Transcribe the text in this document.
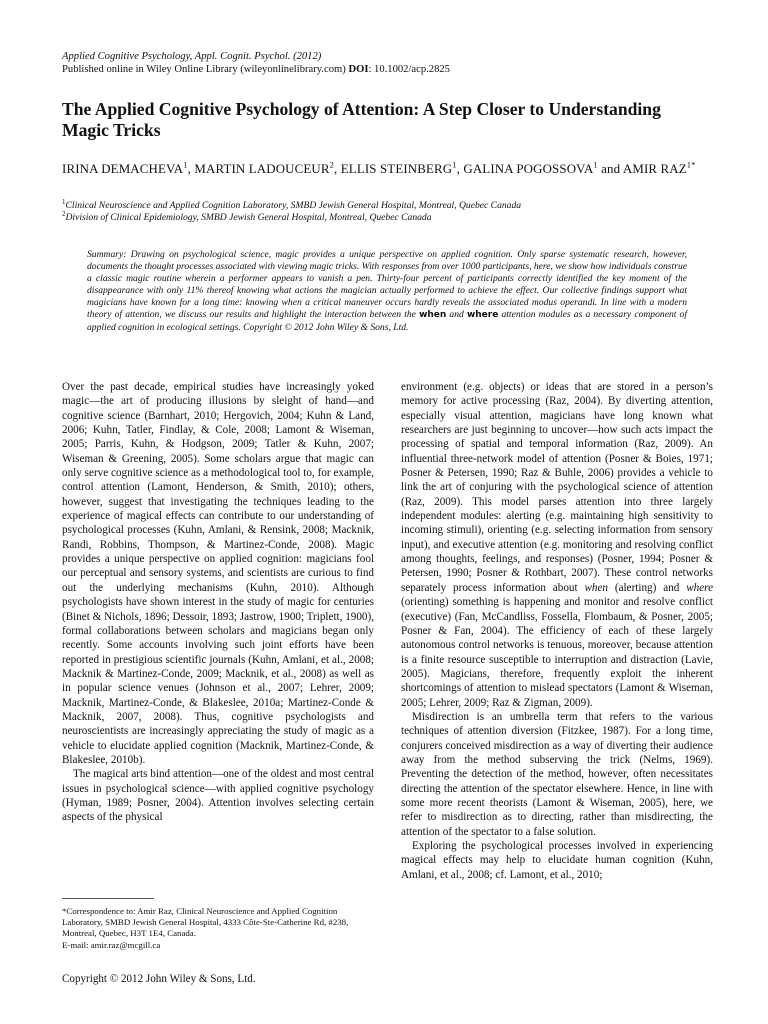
Applied Cognitive Psychology, Appl. Cognit. Psychol. (2012)
Published online in Wiley Online Library (wileyonlinelibrary.com) DOI: 10.1002/acp.2825
The Applied Cognitive Psychology of Attention: A Step Closer to Understanding Magic Tricks
IRINA DEMACHEVA$^1$, MARTIN LADOUCEUR$^2$, ELLIS STEINBERG$^1$, GALINA POGOSSOVA$^1$ and AMIR $RAZ^{1*}$
$^1$Clinical Neuroscience and Applied Cognition Laboratory, SMBD Jewish General Hospital, Montreal, Quebec Canada
$^2$Division of Clinical Epidemiology, SMBD Jewish General Hospital, Montreal, Quebec Canada

Summary: Drawing on psychological science, magic provides a unique perspective on applied cognition. Only sparse systematic research, however, documents the thought processes associated with viewing magic tricks. With responses from over 1000 participants, here, we show how individuals construe a classic magic routine wherein a performer appears to vanish a pen. Thirty-four percent of participants correctly identified the key moment of the disappearance with only 11% thereof knowing what actions the magician actually performed to achieve the effect. Our collective findings support what magicians have known for a long time: knowing when a critical maneuver occurs hardly reveals the associated modus operandi. In line with a modern theory of attention, we discuss our results and highlight the interaction between the when and where attention modules as a necessary component of applied cognition in ecological settings. Copyright © 2012 John Wiley & Sons, Ltd.

Over the past decade, empirical studies have increasingly yoked magic—the art of producing illusions by sleight of hand—and cognitive science (Barnhart, 2010; Hergovich, 2004; Kuhn & Land, 2006; Kuhn, Tatler, Findlay, & Cole, 2008; Lamont & Wiseman, 2005; Parris, Kuhn, & Hodgson, 2009; Tatler & Kuhn, 2007; Wiseman & Greening, 2005). Some scholars argue that magic can only serve cognitive science as a methodological tool to, for example, control attention (Lamont, Henderson, & Smith, 2010); others, however, suggest that investigating the techniques leading to the experience of magical effects can contribute to our understanding of psychological processes (Kuhn, Amlani, & Rensink, 2008; Macknik, Randi, Robbins, Thompson, & Martinez-Conde, 2008). Magic provides a unique perspective on applied cognition: magicians fool our perceptual and sensory systems, and scientists are curious to find out the underlying mechanisms (Kuhn, 2010). Although psychologists have shown interest in the study of magic for centuries (Binet & Nichols, 1896; Dessoir, 1893; Jastrow, 1900; Triplett, 1900), formal collaborations between scholars and magicians began only recently. Some accounts involving such joint efforts have been reported in prestigious scientific journals (Kuhn, Amlani, et al., 2008; Macknik & Martinez-Conde, 2009; Macknik, et al., 2008) as well as in popular science venues (Johnson et al., 2007; Lehrer, 2009; Macknik, Martinez-Conde, & Blakeslee, 2010a; Martinez-Conde & Macknik, 2007, 2008). Thus, cognitive psychologists and neuroscientists are increasingly appreciating the study of magic as a vehicle to elucidate applied cognition (Macknik, Martinez-Conde, & Blakeslee, 2010b).

The magical arts bind attention—one of the oldest and most central issues in psychological science—with applied cognitive psychology (Hyman, 1989; Posner, 2004). Attention involves selecting certain aspects of the physical

environment (e.g. objects) or ideas that are stored in a person’s memory for active processing (Raz, 2004). By diverting attention, especially visual attention, magicians have long known what researchers are just beginning to uncover—how such acts impact the processing of spatial and temporal information (Raz, 2009). An influential three-network model of attention (Posner & Boies, 1971; Posner & Petersen, 1990; Raz & Buhle, 2006) provides a vehicle to link the art of conjuring with the psychological science of attention (Raz, 2009). This model parses attention into three largely independent modules: alerting (e.g. maintaining high sensitivity to incoming stimuli), orienting (e.g. selecting information from sensory input), and executive attention (e.g. monitoring and resolving conflict among thoughts, feelings, and responses) (Posner, 1994; Posner & Petersen, 1990; Posner & Rothbart, 2007). These control networks separately process information about when (alerting) and where (orienting) something is happening and monitor and resolve conflict (executive) (Fan, McCandliss, Fossella, Flombaum, & Posner, 2005; Posner & Fan, 2004). The efficiency of each of these largely autonomous control networks is tenuous, moreover, because attention is a finite resource susceptible to interruption and distraction (Lavie, 2005). Magicians, therefore, frequently exploit the inherent shortcomings of attention to mislead spectators (Lamont & Wiseman, 2005; Lehrer, 2009; Raz & Zigman, 2009).

Misdirection is an umbrella term that refers to the various techniques of attention diversion (Fitzkee, 1987). For a long time, conjurers conceived misdirection as a way of diverting their audience away from the method subserving the trick (Nelms, 1969). Preventing the detection of the method, however, often necessitates directing the attention of the spectator elsewhere. Hence, in line with some more recent theorists (Lamont & Wiseman, 2005), here, we refer to misdirection as to directing, rather than misdirecting, the attention of the spectator to a false solution.

Exploring the psychological processes involved in experiencing magical effects may help to elucidate human cognition (Kuhn, Amlani, et al., 2008; cf. Lamont, et al., 2010;

*Correspondence to: Amir Raz, Clinical Neuroscience and Applied Cognition Laboratory, SMBD Jewish General Hospital, 4333 Côte-Ste-Catherine Rd, #238, Montreal, Quebec, H3T 1E4, Canada.
E-mail: amir.raz@mcgill.ca
Copyright © 2012 John Wiley & Sons, Ltd.
